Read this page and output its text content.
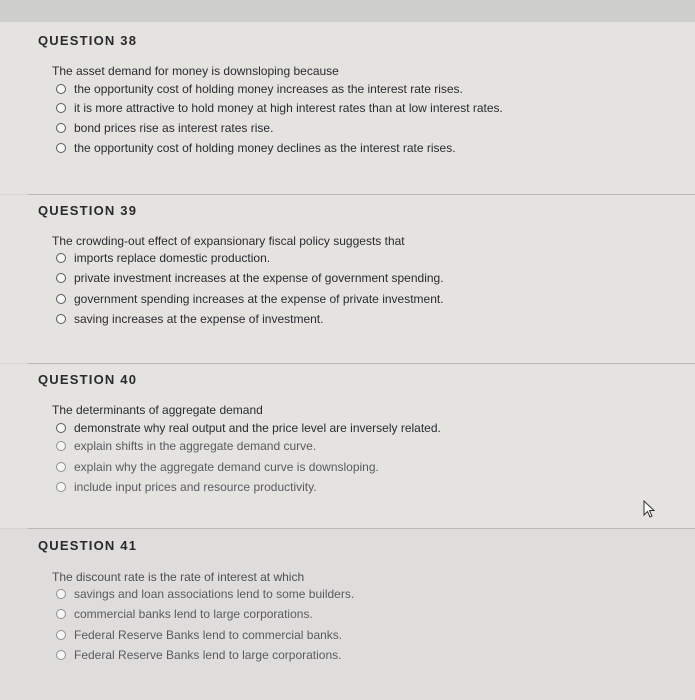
QUESTION 38
The asset demand for money is downsloping because
the opportunity cost of holding money increases as the interest rate rises.
it is more attractive to hold money at high interest rates than at low interest rates.
bond prices rise as interest rates rise.
the opportunity cost of holding money declines as the interest rate rises.
QUESTION 39
The crowding-out effect of expansionary fiscal policy suggests that
imports replace domestic production.
private investment increases at the expense of government spending.
government spending increases at the expense of private investment.
saving increases at the expense of investment.
QUESTION 40
The determinants of aggregate demand
demonstrate why real output and the price level are inversely related.
explain shifts in the aggregate demand curve.
explain why the aggregate demand curve is downsloping.
include input prices and resource productivity.
QUESTION 41
The discount rate is the rate of interest at which
savings and loan associations lend to some builders.
commercial banks lend to large corporations.
Federal Reserve Banks lend to commercial banks.
Federal Reserve Banks lend to large corporations.
